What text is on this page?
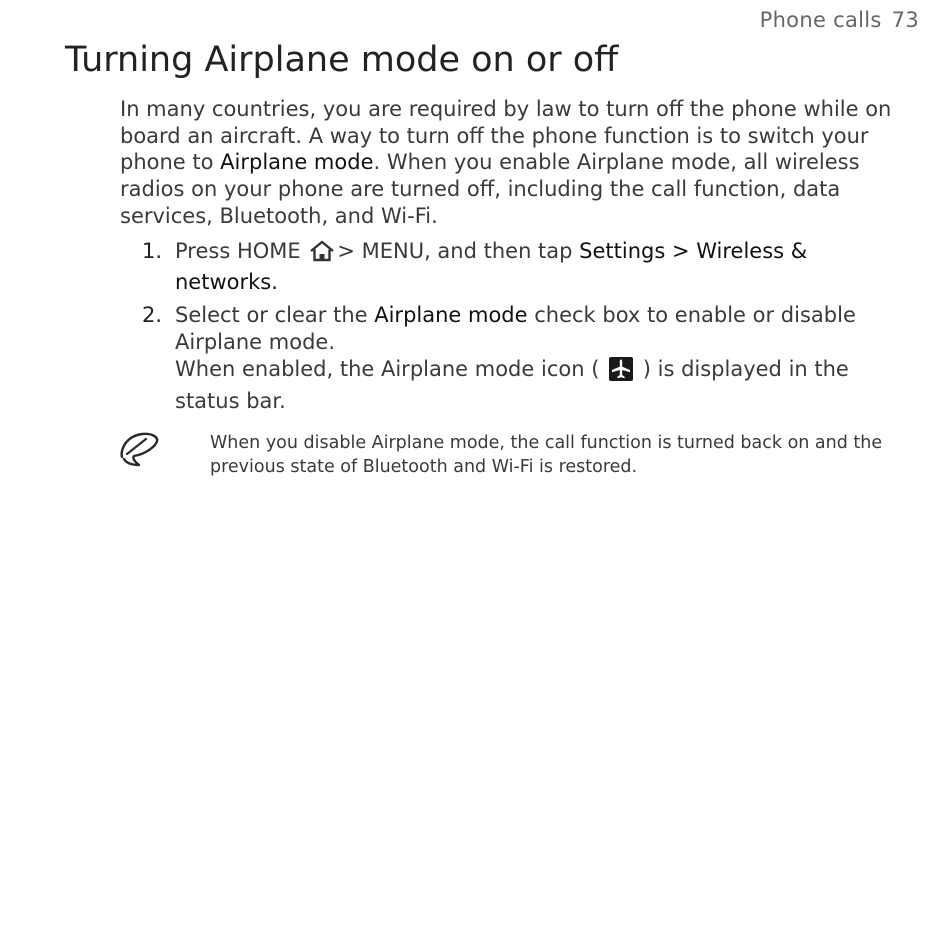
Phone calls 73
Turning Airplane mode on or off

In many countries, you are required by law to turn off the phone while on board an aircraft. A way to turn off the phone function is to switch your phone to Airplane mode. When you enable Airplane mode, all wireless radios on your phone are turned off, including the call function, data services, Bluetooth, and Wi-Fi.

1. Press HOME > MENU, and then tap Settings > Wireless & networks.
2. Select or clear the Airplane mode check box to enable or disable Airplane mode.
When enabled, the Airplane mode icon (  ) is displayed in the status bar.

When you disable Airplane mode, the call function is turned back on and the previous state of Bluetooth and Wi-Fi is restored.
